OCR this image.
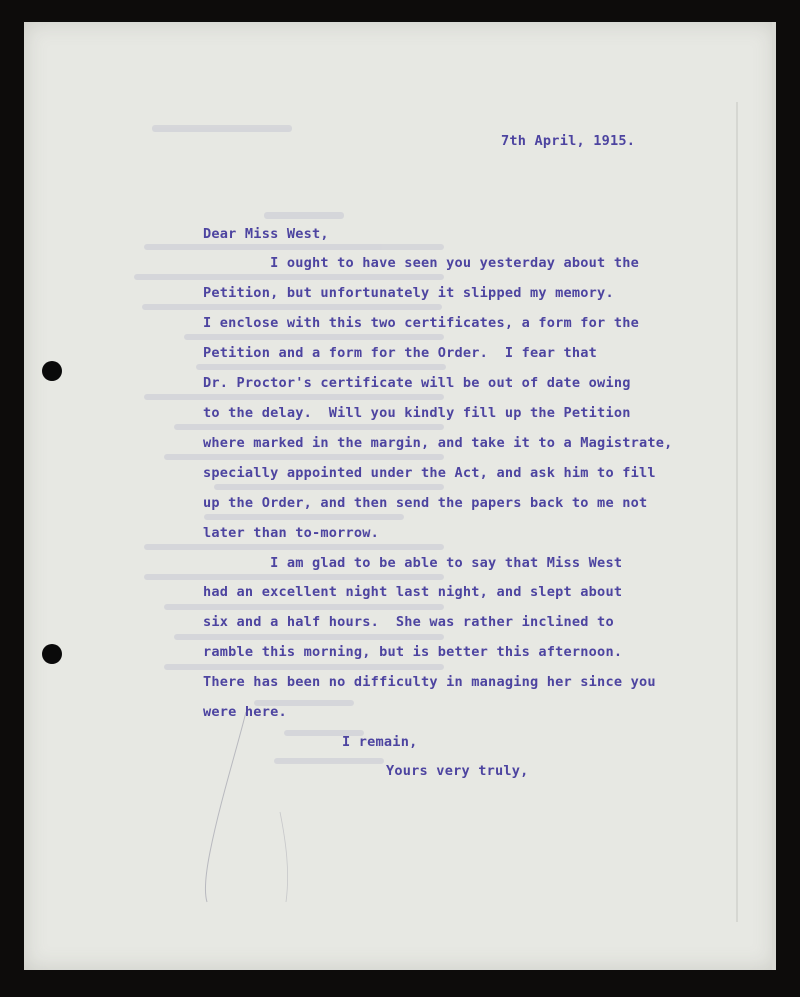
7th April, 1915.

Dear Miss West,

I ought to have seen you yesterday about the

Petition, but unfortunately it slipped my memory.

I enclose with this two certificates, a form for the

Petition and a form for the Order.  I fear that

Dr. Proctor's certificate will be out of date owing

to the delay.  Will you kindly fill up the Petition

where marked in the margin, and take it to a Magistrate,

specially appointed under the Act, and ask him to fill

up the Order, and then send the papers back to me not

later than to-morrow.

I am glad to be able to say that Miss West

had an excellent night last night, and slept about

six and a half hours.  She was rather inclined to

ramble this morning, but is better this afternoon.

There has been no difficulty in managing her since you

were here.

I remain,

Yours very truly,
